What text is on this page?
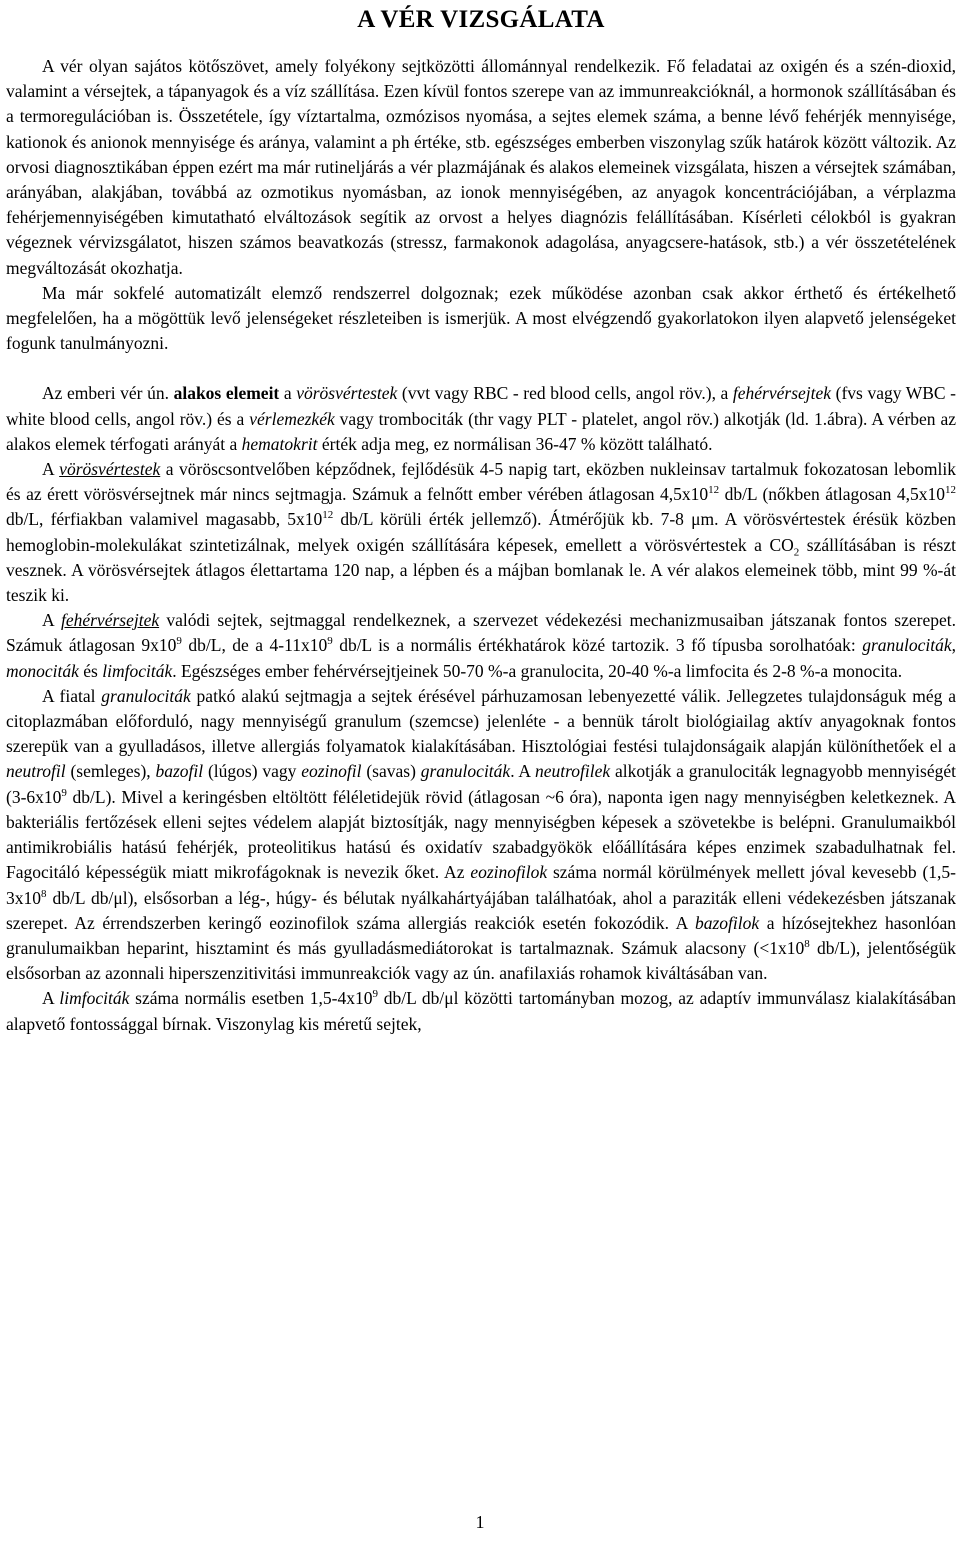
A VÉR VIZSGÁLATA

A vér olyan sajátos kötőszövet, amely folyékony sejtközötti állománnyal rendelkezik. Fő feladatai az oxigén és a szén-dioxid, valamint a vérsejtek, a tápanyagok és a víz szállítása. Ezen kívül fontos szerepe van az immunreakcióknál, a hormonok szállításában és a termoregulációban is. Összetétele, így víztartalma, ozmózisos nyomása, a sejtes elemek száma, a benne lévő fehérjék mennyisége, kationok és anionok mennyisége és aránya, valamint a ph értéke, stb. egészséges emberben viszonylag szűk határok között változik. Az orvosi diagnosztikában éppen ezért ma már rutineljárás a vér plazmájának és alakos elemeinek vizsgálata, hiszen a vérsejtek számában, arányában, alakjában, továbbá az ozmotikus nyomásban, az ionok mennyiségében, az anyagok koncentrációjában, a vérplazma fehérjemennyiségében kimutatható elváltozások segítik az orvost a helyes diagnózis felállításában. Kísérleti célokból is gyakran végeznek vérvizsgálatot, hiszen számos beavatkozás (stressz, farmakonok adagolása, anyagcsere-hatások, stb.) a vér összetételének megváltozását okozhatja.

Ma már sokfelé automatizált elemző rendszerrel dolgoznak; ezek működése azonban csak akkor érthető és értékelhető megfelelően, ha a mögöttük levő jelenségeket részleteiben is ismerjük. A most elvégzendő gyakorlatokon ilyen alapvető jelenségeket fogunk tanulmányozni.

Az emberi vér ún. alakos elemeit a vörösvértestek (vvt vagy RBC - red blood cells, angol röv.), a fehérvérsejtek (fvs vagy WBC - white blood cells, angol röv.) és a vérlemezkék vagy trombociták (thr vagy PLT - platelet, angol röv.) alkotják (ld. 1.ábra). A vérben az alakos elemek térfogati arányát a hematokrit érték adja meg, ez normálisan 36-47 % között található.

A vörösvértestek a vöröscsontvelőben képződnek, fejlődésük 4-5 napig tart, eközben nukleinsav tartalmuk fokozatosan lebomlik és az érett vörösvérsejtnek már nincs sejtmagja. Számuk a felnőtt ember vérében átlagosan $4,5x10^{12}$ db/L (nőkben átlagosan $4,5x10^{12}$ db/L, férfiakban valamivel magasabb, $5x10^{12}$ db/L körüli érték jellemző). Átmérőjük kb. 7-8 μm. A vörösvértestek érésük közben hemoglobin-molekulákat szintetizálnak, melyek oxigén szállítására képesek, emellett a vörösvértestek a $CO_2$ szállításában is részt vesznek. A vörösvérsejtek átlagos élettartama 120 nap, a lépben és a májban bomlanak le. A vér alakos elemeinek több, mint 99 %-át teszik ki.

A fehérvérsejtek valódi sejtek, sejtmaggal rendelkeznek, a szervezet védekezési mechanizmusaiban játszanak fontos szerepet. Számuk átlagosan $9x10^9$ db/L, de a $4-11x10^9$ db/L is a normális értékhatárok közé tartozik. 3 fő típusba sorolhatóak: granulociták, monociták és limfociták. Egészséges ember fehérvérsejtjeinek 50-70 %-a granulocita, 20-40 %-a limfocita és 2-8 %-a monocita.

A fiatal granulociták patkó alakú sejtmagja a sejtek érésével párhuzamosan lebenyezetté válik. Jellegzetes tulajdonságuk még a citoplazmában előforduló, nagy mennyiségű granulum (szemcse) jelenléte - a bennük tárolt biológiailag aktív anyagoknak fontos szerepük van a gyulladásos, illetve allergiás folyamatok kialakításában. Hisztológiai festési tulajdonságaik alapján különíthetőek el a neutrofil (semleges), bazofil (lúgos) vagy eozinofil (savas) granulociták. A neutrofilek alkotják a granulociták legnagyobb mennyiségét ($3-6x10^9$ db/L). Mivel a keringésben eltöltött féléletidejük rövid (átlagosan ~6 óra), naponta igen nagy mennyiségben keletkeznek. A bakteriális fertőzések elleni sejtes védelem alapját biztosítják, nagy mennyiségben képesek a szövetekbe is belépni. Granulumaikból antimikrobiális hatású fehérjék, proteolitikus hatású és oxidatív szabadgyökök előállítására képes enzimek szabadulhatnak fel. Fagocitáló képességük miatt mikrofágoknak is nevezik őket. Az eozinofilok száma normál körülmények mellett jóval kevesebb ($1,5-3x10^8$ db/L db/μl), elsősorban a lég-, húgy- és bélutak nyálkahártyájában találhatóak, ahol a paraziták elleni védekezésben játszanak szerepet. Az érrendszerben keringő eozinofilok száma allergiás reakciók esetén fokozódik. A bazofilok a hízósejtekhez hasonlóan granulumaikban heparint, hisztamint és más gyulladásmediátorokat is tartalmaznak. Számuk alacsony ($<1x10^8$ db/L), jelentőségük elsősorban az azonnali hiperszenzitivitási immunreakciók vagy az ún. anafilaxiás rohamok kiváltásában van.

A limfociták száma normális esetben $1,5-4x10^9$ db/L db/μl közötti tartományban mozog, az adaptív immunválasz kialakításában alapvető fontossággal bírnak. Viszonylag kis méretű sejtek,

1
